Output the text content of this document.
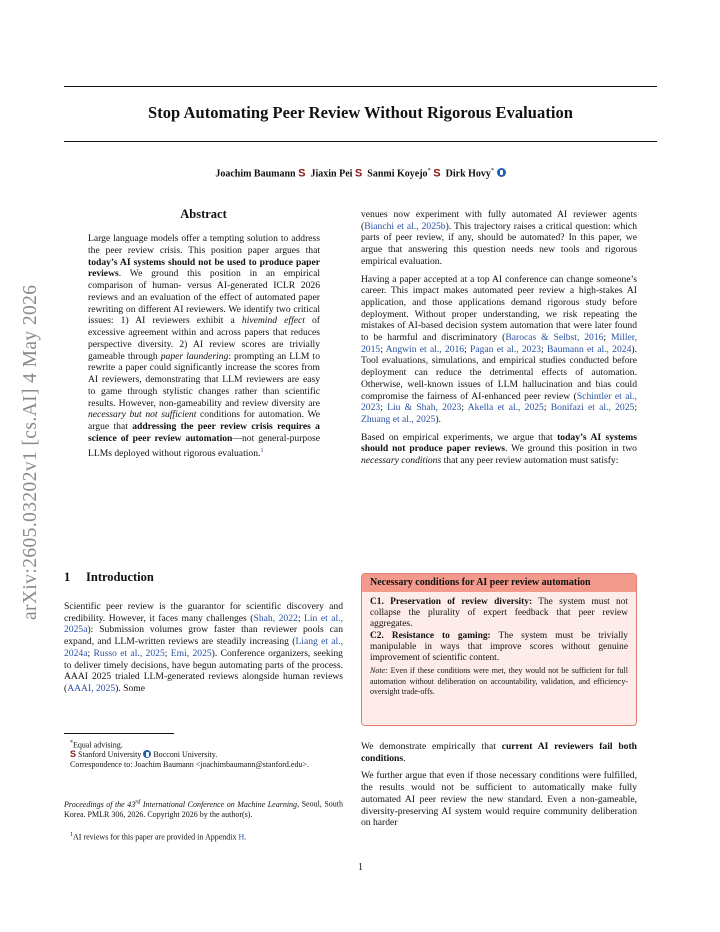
arXiv:2605.03202v1 [cs.AI] 4 May 2026
Stop Automating Peer Review Without Rigorous Evaluation
Joachim Baumann S Jiaxin Pei S Sanmi Koyejo* S Dirk Hovy*
Abstract
Large language models offer a tempting solution to address the peer review crisis. This position paper argues that today’s AI systems should not be used to produce paper reviews. We ground this position in an empirical comparison of human- versus AI-generated ICLR 2026 reviews and an evaluation of the effect of automated paper rewriting on different AI reviewers. We identify two critical issues: 1) AI reviewers exhibit a hivemind effect of excessive agreement within and across papers that reduces perspective diversity. 2) AI review scores are trivially gameable through paper laundering: prompting an LLM to rewrite a paper could significantly increase the scores from AI reviewers, demonstrating that LLM reviewers are easy to game through stylistic changes rather than scientific results. However, non-gameability and review diversity are necessary but not sufficient conditions for automation. We argue that addressing the peer review crisis requires a science of peer review automation—not general-purpose LLMs deployed without rigorous evaluation.$^1$
1 Introduction
Scientific peer review is the guarantor for scientific discovery and credibility. However, it faces many challenges (Shah, 2022; Lin et al., 2025a): Submission volumes grow faster than reviewer pools can expand, and LLM-written reviews are steadily increasing (Liang et al., 2024a; Russo et al., 2025; Emi, 2025). Conference organizers, seeking to deliver timely decisions, have begun automating parts of the process. AAAI 2025 trialed LLM-generated reviews alongside human reviews (AAAI, 2025). Some
*Equal advising.
S Stanford University Bocconi University.
Correspondence to: Joachim Baumann <joachimbaumann@stanford.edu>.
Proceedings of the 43rd International Conference on Machine Learning, Seoul, South Korea. PMLR 306, 2026. Copyright 2026 by the author(s).
$^1$AI reviews for this paper are provided in Appendix H.

venues now experiment with fully automated AI reviewer agents (Bianchi et al., 2025b). This trajectory raises a critical question: which parts of peer review, if any, should be automated? In this paper, we argue that answering this question needs new tools and rigorous empirical evaluation.

Having a paper accepted at a top AI conference can change someone’s career. This impact makes automated peer review a high-stakes AI application, and those applications demand rigorous study before deployment. Without proper understanding, we risk repeating the mistakes of AI-based decision system automation that were later found to be harmful and discriminatory (Barocas & Selbst, 2016; Miller, 2015; Angwin et al., 2016; Pagan et al., 2023; Baumann et al., 2024). Tool evaluations, simulations, and empirical studies conducted before deployment can reduce the detrimental effects of automation. Otherwise, well-known issues of LLM hallucination and bias could compromise the fairness of AI-enhanced peer review (Schintler et al., 2023; Liu & Shah, 2023; Akella et al., 2025; Bonifazi et al., 2025; Zhuang et al., 2025).

Based on empirical experiments, we argue that today’s AI systems should not produce paper reviews. We ground this position in two necessary conditions that any peer review automation must satisfy:

Necessary conditions for AI peer review automation

C1. Preservation of review diversity: The system must not collapse the plurality of expert feedback that peer review aggregates.

C2. Resistance to gaming: The system must be trivially manipulable in ways that improve scores without genuine improvement of scientific content.

Note: Even if these conditions were met, they would not be sufficient for full automation without deliberation on accountability, validation, and efficiency-oversight trade-offs.

We demonstrate empirically that current AI reviewers fail both conditions.

We further argue that even if those necessary conditions were fulfilled, the results would not be sufficient to automatically make fully automated AI peer review the new standard. Even a non-gameable, diversity-preserving AI system would require community deliberation on harder

1
